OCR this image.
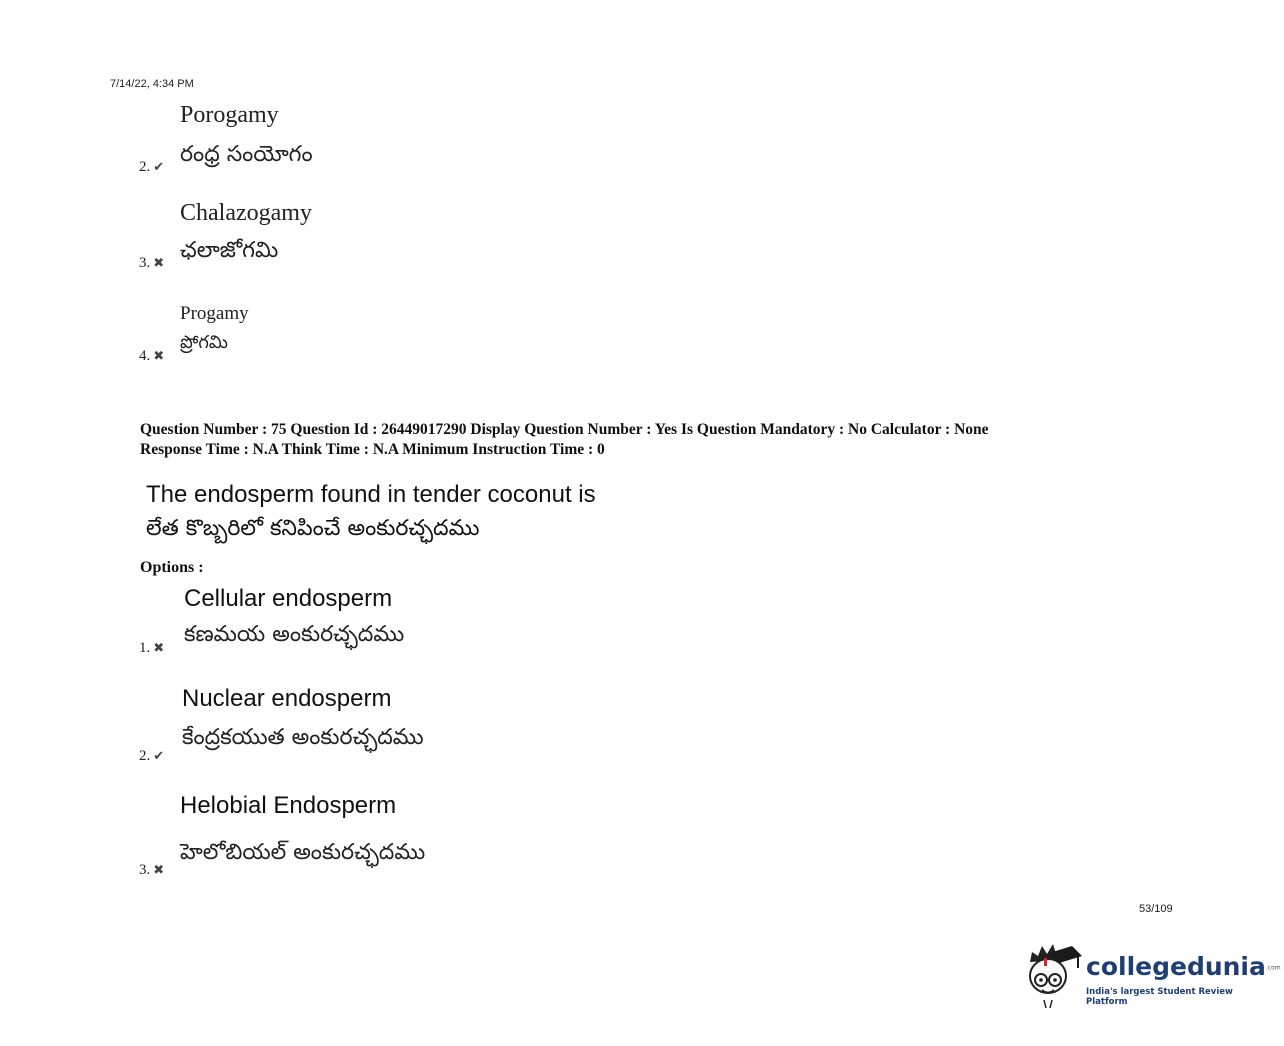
7/14/22, 4:34 PM
Porogamy
రంధ్ర సంయోగం
2. ✔
Chalazogamy
ఛలాజోగమి
3. ✖
Progamy
ప్రోగమి
4. ✖
Question Number : 75 Question Id : 26449017290 Display Question Number : Yes Is Question Mandatory : No Calculator : None
Response Time : N.A Think Time : N.A Minimum Instruction Time : 0
The endosperm found in tender coconut is
లేత కొబ్బరిలో కనిపించే అంకురచ్ఛదము
Options :
Cellular endosperm
కణమయ అంకురచ్ఛదము
1. ✖
Nuclear endosperm
కేంద్రకయుత అంకురచ్ఛదము
2. ✔
Helobial Endosperm
హెలోబియల్ అంకురచ్ఛదము
3. ✖
53/109
collegedunia.com
India's largest Student Review Platform
